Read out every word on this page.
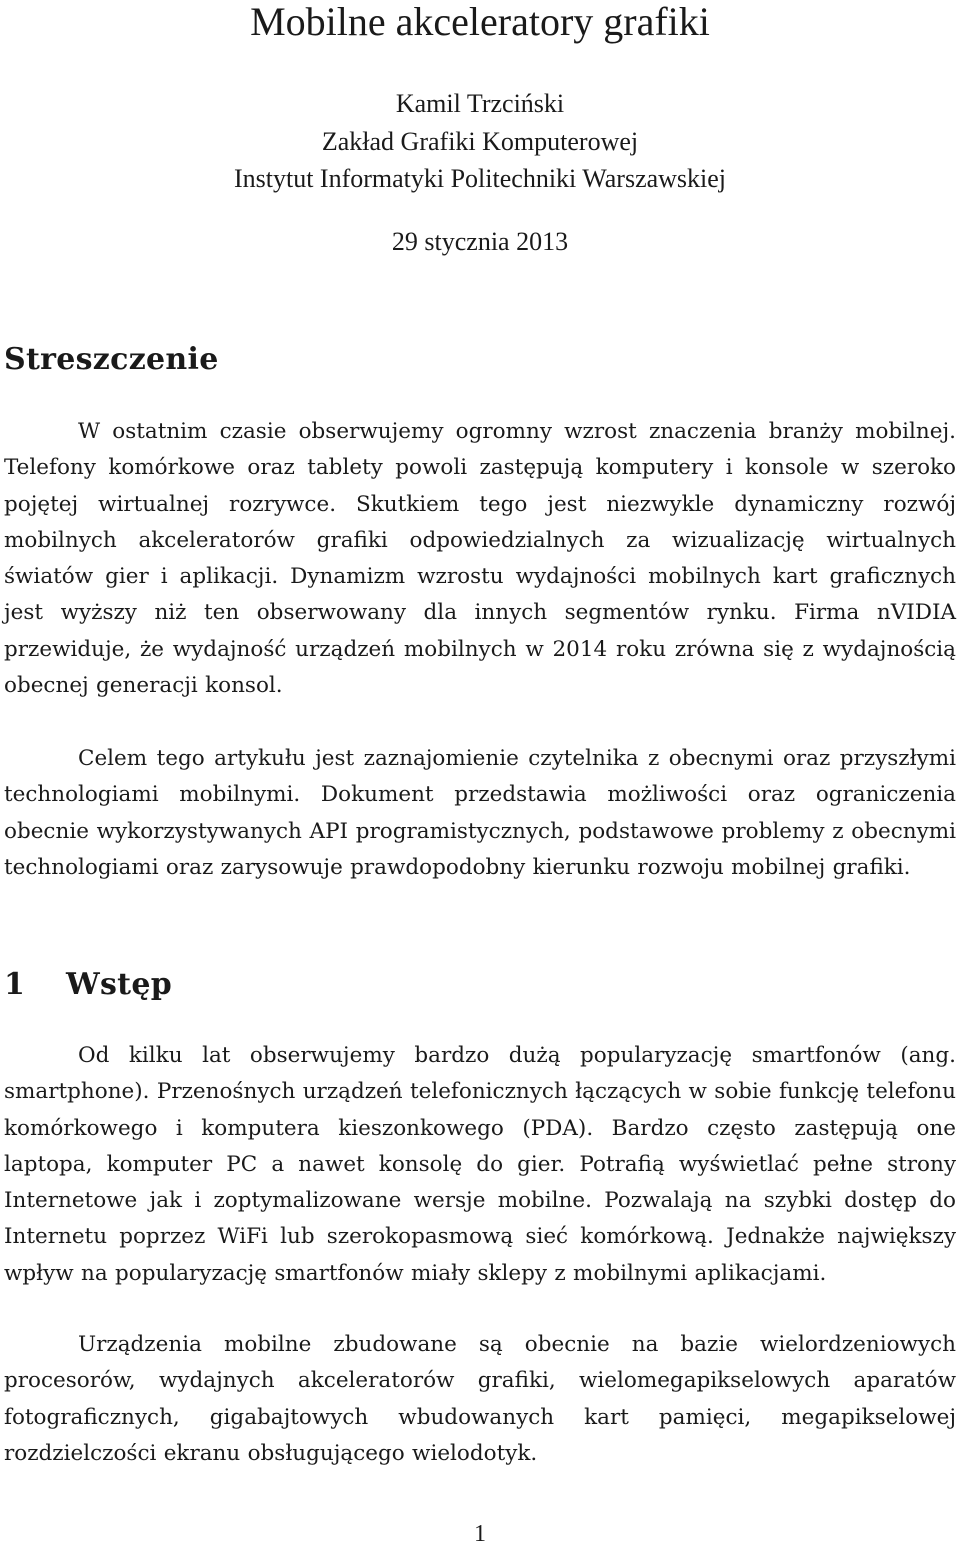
Mobilne akceleratory grafiki

Kamil Trzciński

Zakład Grafiki Komputerowej

Instytut Informatyki Politechniki Warszawskiej

29 stycznia 2013

Streszczenie

W ostatnim czasie obserwujemy ogromny wzrost znaczenia branży mobilnej. Telefony komórkowe oraz tablety powoli zastępują komputery i konsole w szeroko pojętej wirtualnej rozrywce. Skutkiem tego jest niezwykle dynamiczny rozwój mobilnych akceleratorów grafiki odpowiedzialnych za wizualizację wirtualnych światów gier i aplikacji. Dynamizm wzrostu wydajności mobilnych kart graficznych jest wyższy niż ten obserwowany dla innych segmentów rynku. Firma nVIDIA przewiduje, że wydajność urządzeń mobilnych w 2014 roku zrówna się z wydajnością obecnej generacji konsol.

Celem tego artykułu jest zaznajomienie czytelnika z obecnymi oraz przyszłymi technologiami mobilnymi. Dokument przedstawia możliwości oraz ograniczenia obecnie wykorzystywanych API programistycznych, podstawowe problemy z obecnymi technologiami oraz zarysowuje prawdopodobny kierunku rozwoju mobilnej grafiki.

1 Wstęp

Od kilku lat obserwujemy bardzo dużą popularyzację smartfonów (ang. smartphone). Przenośnych urządzeń telefonicznych łączących w sobie funkcję telefonu komórkowego i komputera kieszonkowego (PDA). Bardzo często zastępują one laptopa, komputer PC a nawet konsolę do gier. Potrafią wyświetlać pełne strony Internetowe jak i zoptymalizowane wersje mobilne. Pozwalają na szybki dostęp do Internetu poprzez WiFi lub szerokopasmową sieć komórkową. Jednakże największy wpływ na popularyzację smartfonów miały sklepy z mobilnymi aplikacjami.

Urządzenia mobilne zbudowane są obecnie na bazie wielordzeniowych procesorów, wydajnych akceleratorów grafiki, wielomegapikselowych aparatów fotograficznych, gigabajtowych wbudowanych kart pamięci, megapikselowej rozdzielczości ekranu obsługującego wielodotyk.

1
